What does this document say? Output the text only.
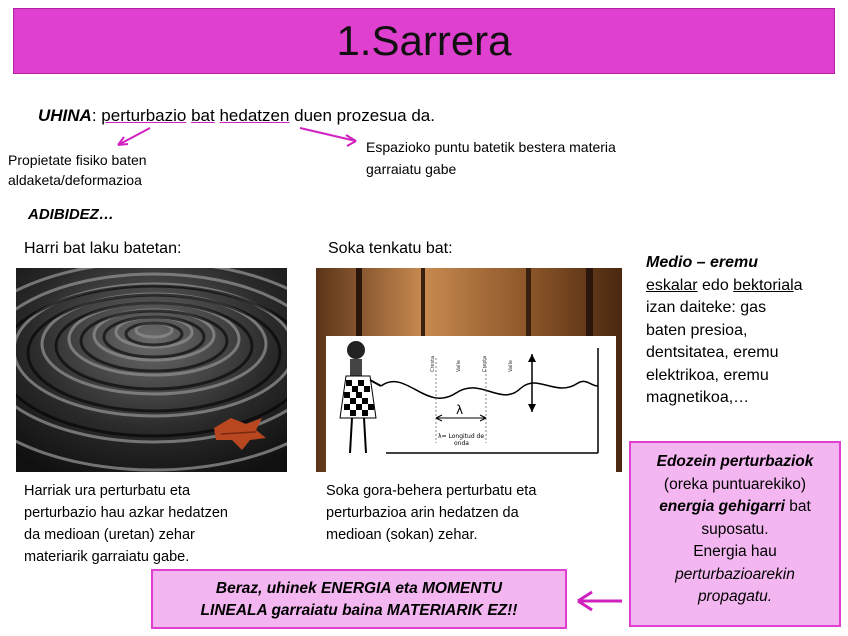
1.Sarrera
UHINA: perturbazio bat hedatzen duen prozesua da.
Propietate fisiko baten
aldaketa/deformazioa
Espazioko puntu batetik bestera materia
garraiatu gabe
ADIBIDEZ…
Harri bat laku batetan:	Soka tenkatu bat:
Cresta	Valle	Cresta	Valle
λ
λ= Longitud de
onda
Harriak ura perturbatu eta
perturbazio hau azkar hedatzen
da medioan (uretan) zehar
materiarik garraiatu gabe.
Soka gora-behera perturbatu eta
perturbazioa arin hedatzen da
medioan (sokan) zehar.
Medio – eremu
eskalar edo bektoriala
izan daiteke: gas
baten presioa,
dentsitatea, eremu
elektrikoa, eremu
magnetikoa,…
Edozein perturbaziok
(oreka puntuarekiko)
energia gehigarri bat
suposatu.
Energia hau
perturbazioarekin
propagatu.
Beraz, uhinek ENERGIA eta MOMENTU
LINEALA garraiatu baina MATERIARIK EZ!!
